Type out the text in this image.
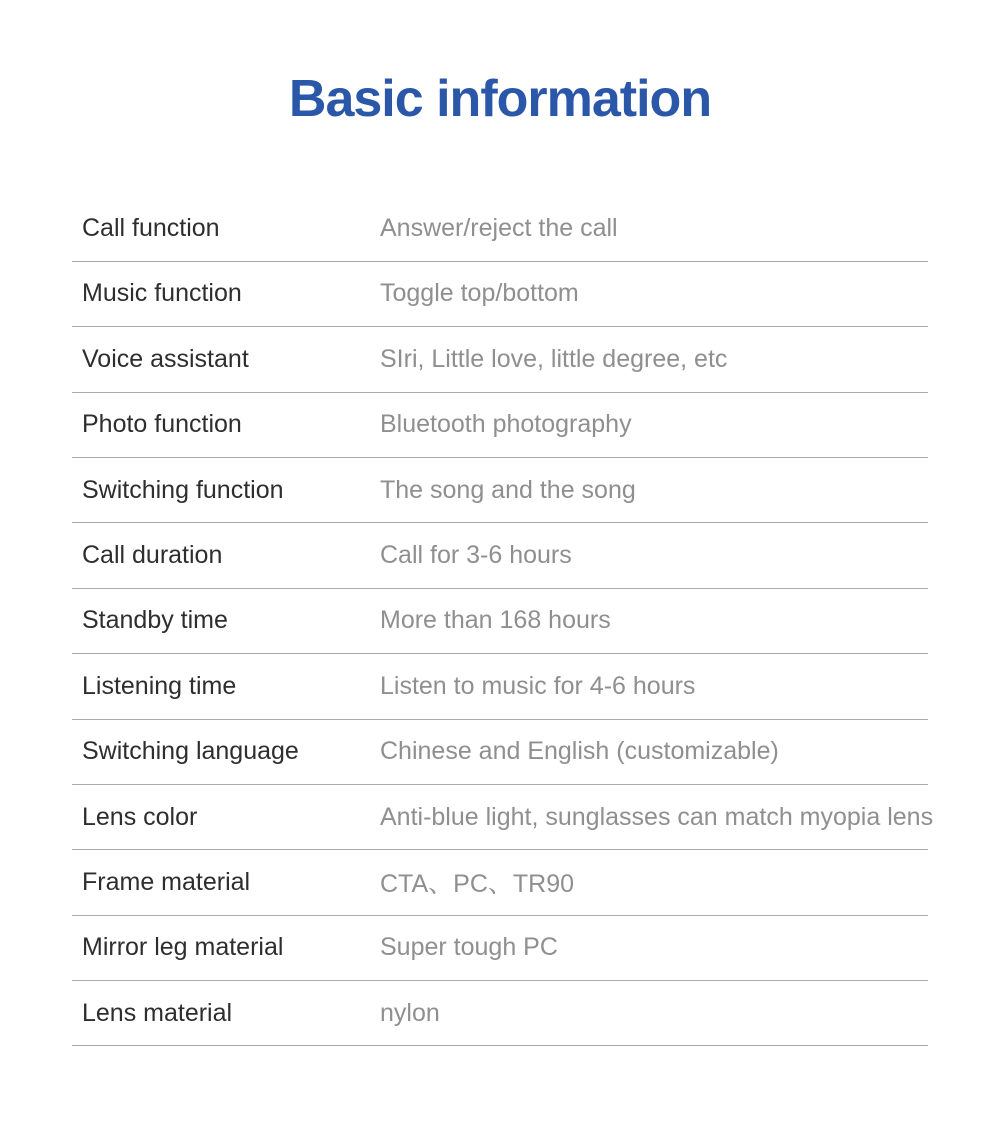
Basic information
Call function	Answer/reject the call
Music function	Toggle top/bottom
Voice assistant	SIri, Little love, little degree, etc
Photo function	Bluetooth photography
Switching function	The song and the song
Call duration	Call for 3-6 hours
Standby time	More than 168 hours
Listening time	Listen to music for 4-6 hours
Switching language	Chinese and English (customizable)
Lens color	Anti-blue light, sunglasses can match myopia lens
Frame material	CTA、PC、TR90
Mirror leg material	Super tough PC
Lens material	nylon
